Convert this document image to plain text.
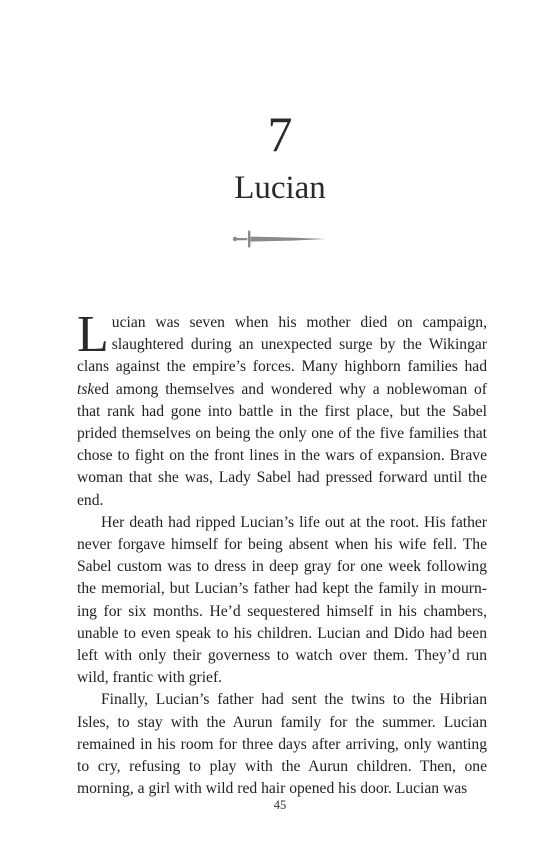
7
Lucian

Lucian was seven when his mother died on campaign, slaughtered during an unexpected surge by the Wikingar clans against the empire’s forces. Many highborn families had tsked among themselves and wondered why a noblewoman of that rank had gone into battle in the first place, but the Sabel prided themselves on being the only one of the five families that chose to fight on the front lines in the wars of expansion. Brave woman that she was, Lady Sabel had pressed forward until the end.

Her death had ripped Lucian’s life out at the root. His father never forgave himself for being absent when his wife fell. The Sabel custom was to dress in deep gray for one week following the memorial, but Lucian’s father had kept the family in mourning for six months. He’d sequestered himself in his chambers, unable to even speak to his children. Lucian and Dido had been left with only their governess to watch over them. They’d run wild, frantic with grief.

Finally, Lucian’s father had sent the twins to the Hibrian Isles, to stay with the Aurun family for the summer. Lucian remained in his room for three days after arriving, only wanting to cry, refusing to play with the Aurun children. Then, one morning, a girl with wild red hair opened his door. Lucian was

45
